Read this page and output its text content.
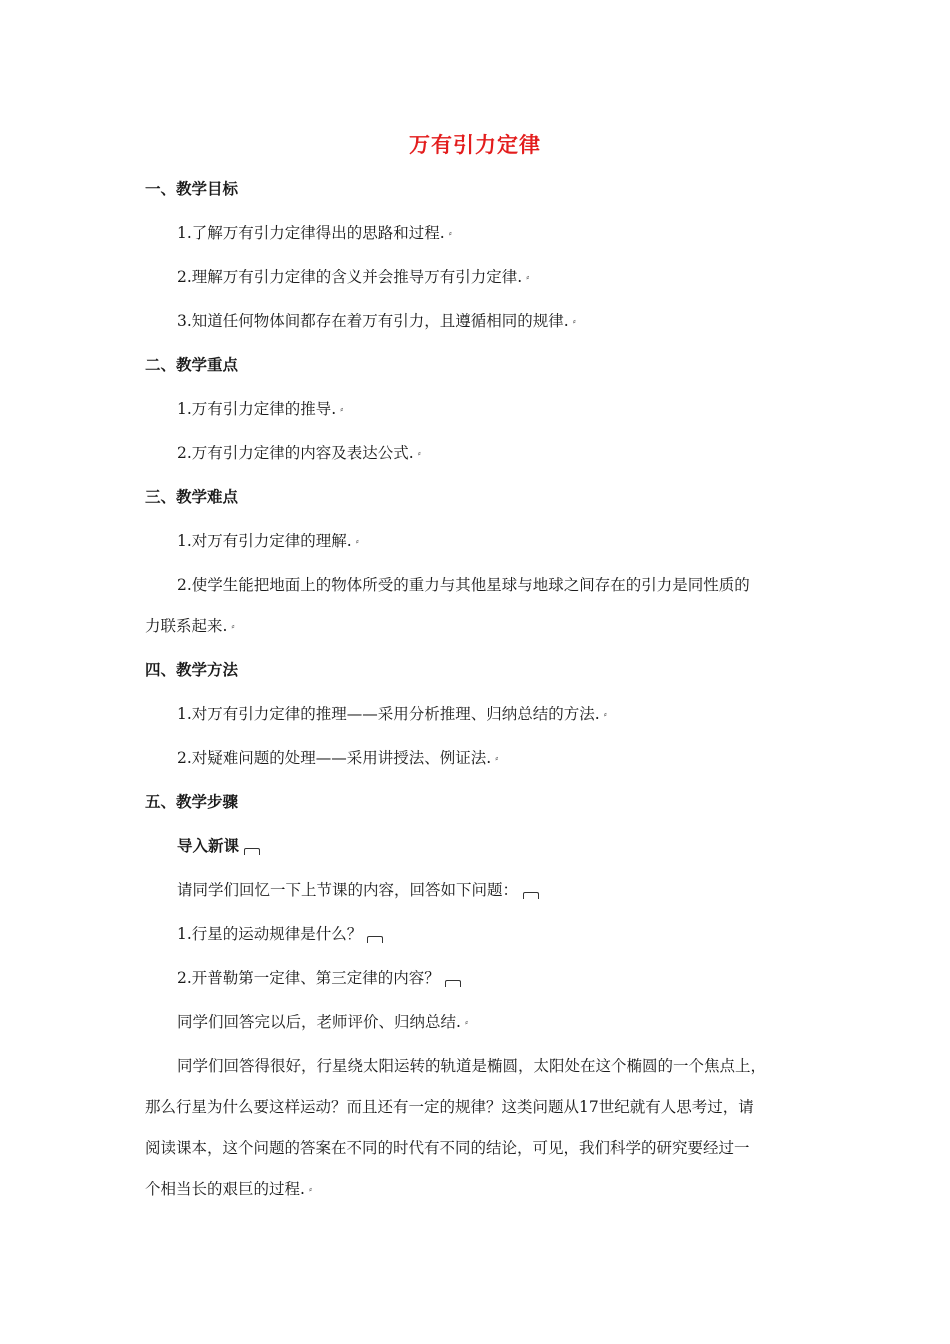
万有引力定律
一、教学目标
1.了解万有引力定律得出的思路和过程. ⸗
2.理解万有引力定律的含义并会推导万有引力定律. ⸗
3.知道任何物体间都存在着万有引力，且遵循相同的规律. ⸗
二、教学重点
1.万有引力定律的推导. ⸗
2.万有引力定律的内容及表达公式. ⸗
三、教学难点
1.对万有引力定律的理解. ⸗
2.使学生能把地面上的物体所受的重力与其他星球与地球之间存在的引力是同性质的
力联系起来. ⸗
四、教学方法
1.对万有引力定律的推理——采用分析推理、归纳总结的方法. ⸗
2.对疑难问题的处理——采用讲授法、例证法. ⸗
五、教学步骤
导入新课
请同学们回忆一下上节课的内容，回答如下问题：
1.行星的运动规律是什么？
2.开普勒第一定律、第三定律的内容？
同学们回答完以后，老师评价、归纳总结. ⸗
同学们回答得很好，行星绕太阳运转的轨道是椭圆，太阳处在这个椭圆的一个焦点上，
那么行星为什么要这样运动？而且还有一定的规律？这类问题从17世纪就有人思考过，请
阅读课本，这个问题的答案在不同的时代有不同的结论，可见，我们科学的研究要经过一
个相当长的艰巨的过程. ⸗
